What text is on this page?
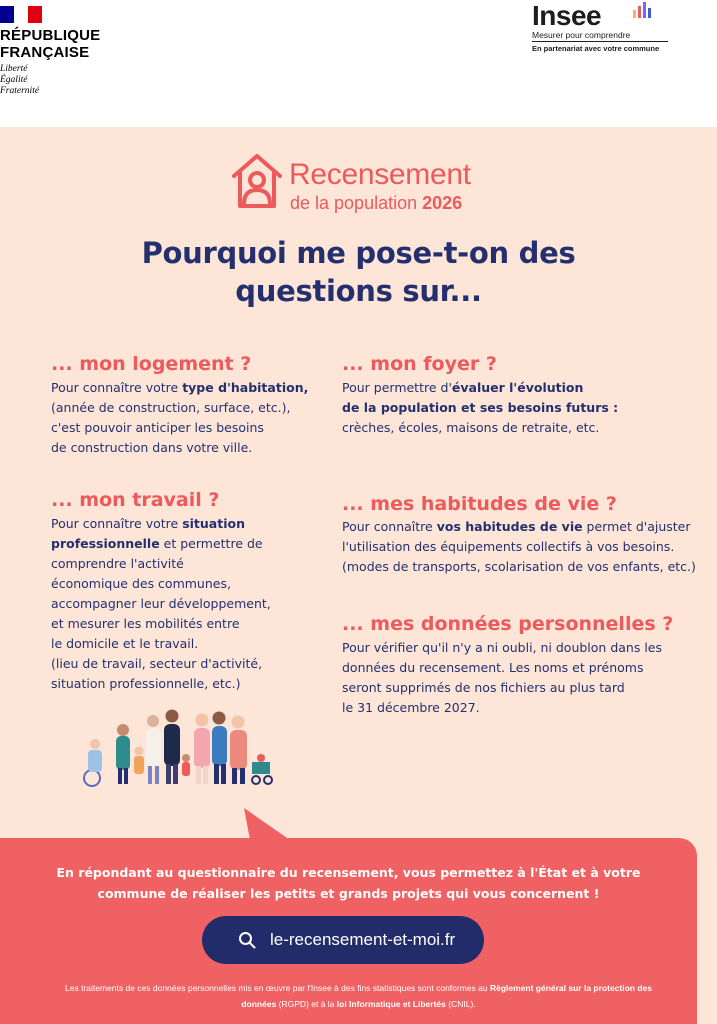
RÉPUBLIQUE
FRANÇAISE
Liberté
Égalité
Fraternité
Insee
Mesurer pour comprendre
En partenariat avec votre commune
Recensement
de la population 2026
Pourquoi me pose-t-on des questions sur...
... mon logement ?
Pour connaître votre type d'habitation,
(année de construction, surface, etc.),
c'est pouvoir anticiper les besoins
de construction dans votre ville.
... mon foyer ?
Pour permettre d'évaluer l'évolution
de la population et ses besoins futurs :
crèches, écoles, maisons de retraite, etc.
... mon travail ?
Pour connaître votre situation
professionnelle et permettre de
comprendre l'activité
économique des communes,
accompagner leur développement,
et mesurer les mobilités entre
le domicile et le travail.
(lieu de travail, secteur d'activité,
situation professionnelle, etc.)
... mes habitudes de vie ?
Pour connaître vos habitudes de vie permet d'ajuster
l'utilisation des équipements collectifs à vos besoins.
(modes de transports, scolarisation de vos enfants, etc.)
... mes données personnelles ?
Pour vérifier qu'il n'y a ni oubli, ni doublon dans les
données du recensement. Les noms et prénoms
seront supprimés de nos fichiers au plus tard
le 31 décembre 2027.
En répondant au questionnaire du recensement, vous permettez à l'État et à votre commune de réaliser les petits et grands projets qui vous concernent !
le-recensement-et-moi.fr
Les traitements de ces données personnelles mis en œuvre par l'Insee à des fins statistiques sont conformes au Règlement général sur la protection des données (RGPD) et à la loi Informatique et Libertés (CNIL).
